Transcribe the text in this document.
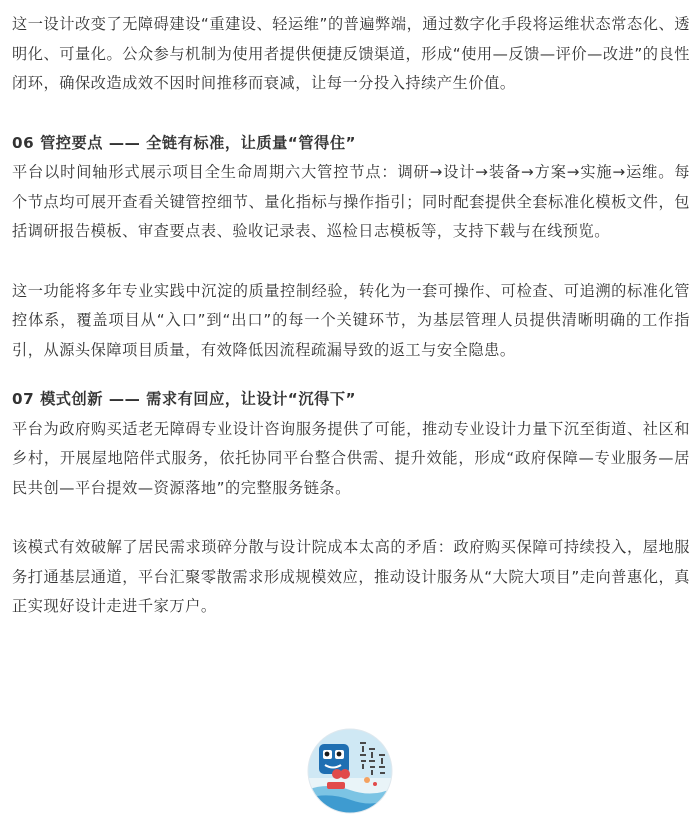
这一设计改变了无障碍建设“重建设、轻运维”的普遍弊端，通过数字化手段将运维状态常态化、透明化、可量化。公众参与机制为使用者提供便捷反馈渠道，形成“使用—反馈—评价—改进”的良性闭环，确保改造成效不因时间推移而衰减，让每一分投入持续产生价值。

06 管控要点 —— 全链有标准，让质量“管得住”

平台以时间轴形式展示项目全生命周期六大管控节点：调研→设计→装备→方案→实施→运维。每个节点均可展开查看关键管控细节、量化指标与操作指引；同时配套提供全套标准化模板文件，包括调研报告模板、审查要点表、验收记录表、巡检日志模板等，支持下载与在线预览。

这一功能将多年专业实践中沉淀的质量控制经验，转化为一套可操作、可检查、可追溯的标准化管控体系，覆盖项目从“入口”到“出口”的每一个关键环节，为基层管理人员提供清晰明确的工作指引，从源头保障项目质量，有效降低因流程疏漏导致的返工与安全隐患。

07 模式创新 —— 需求有回应，让设计“沉得下”

平台为政府购买适老无障碍专业设计咨询服务提供了可能，推动专业设计力量下沉至街道、社区和乡村，开展屋地陪伴式服务，依托协同平台整合供需、提升效能，形成“政府保障—专业服务—居民共创—平台提效—资源落地”的完整服务链条。

该模式有效破解了居民需求琐碎分散与设计院成本太高的矛盾：政府购买保障可持续投入，屋地服务打通基层通道，平台汇聚零散需求形成规模效应，推动设计服务从“大院大项目”走向普惠化，真正实现好设计走进千家万户。
